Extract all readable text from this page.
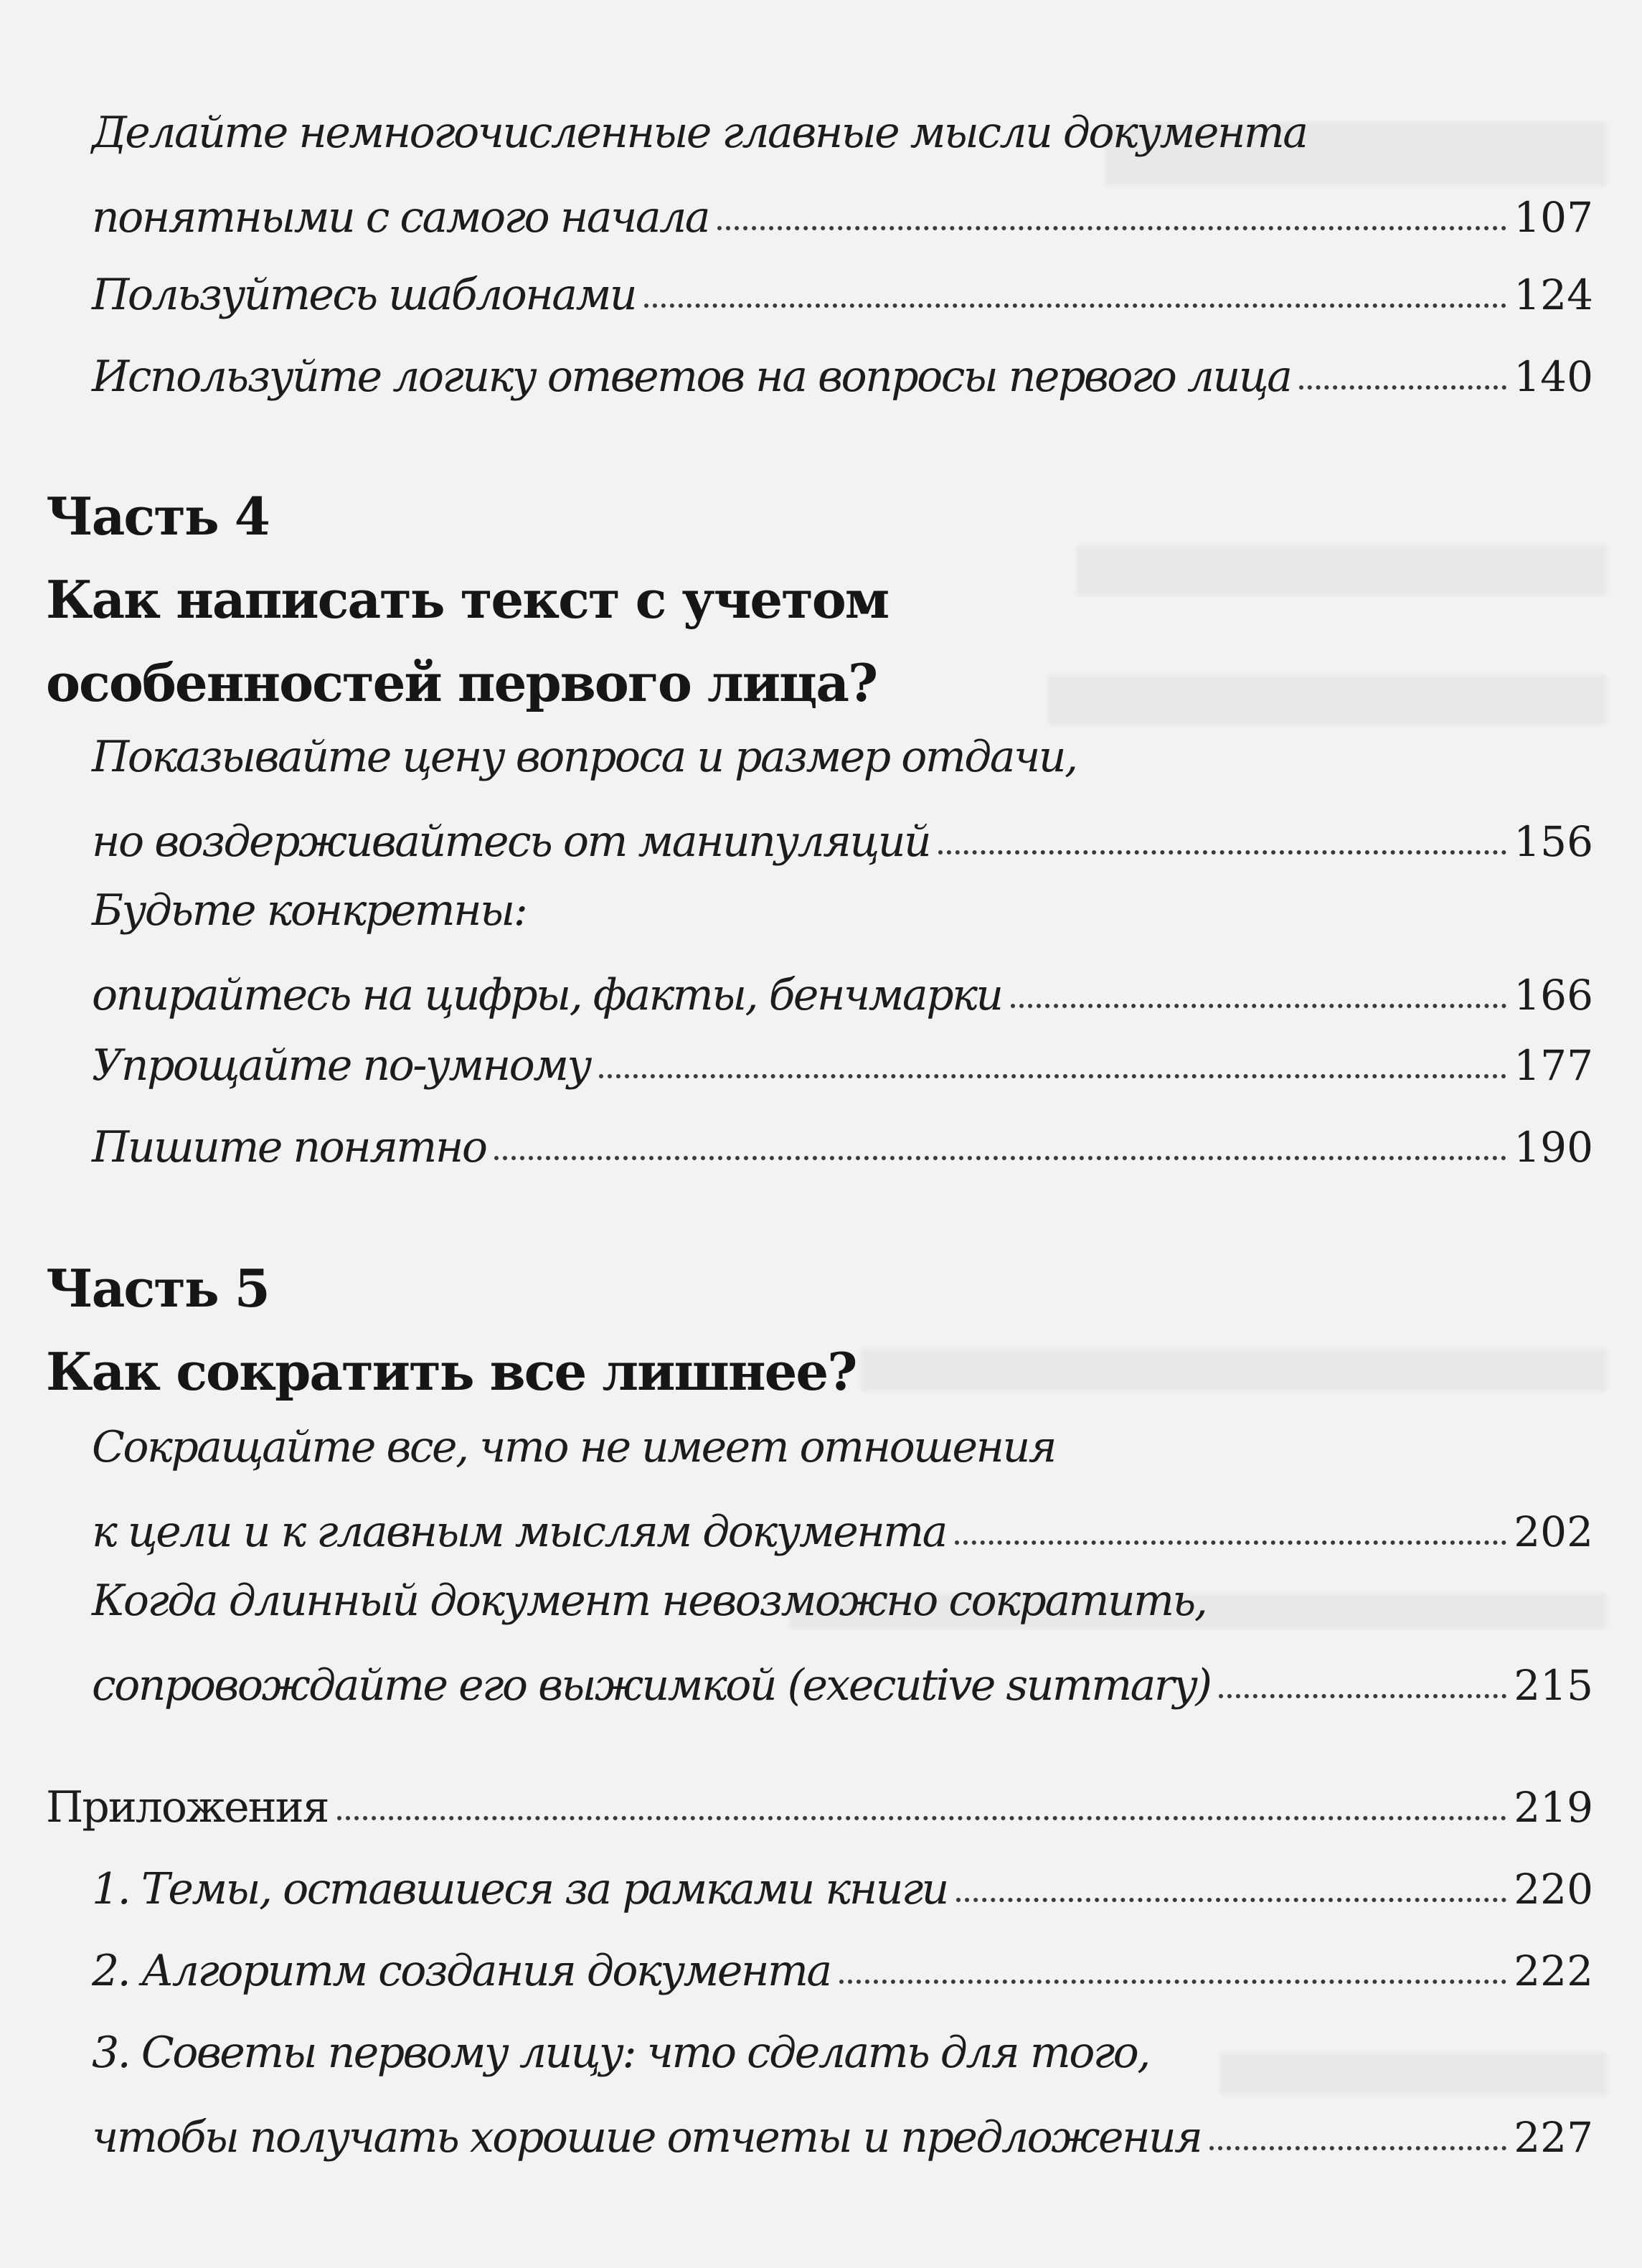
Делайте немногочисленные главные мысли документа
понятными с самого начала	107
Пользуйтесь шаблонами	124
Используйте логику ответов на вопросы первого лица	140
Часть 4
Как написать текст с учетом
особенностей первого лица?
Показывайте цену вопроса и размер отдачи,
но воздерживайтесь от манипуляций	156
Будьте конкретны:
опирайтесь на цифры, факты, бенчмарки	166
Упрощайте по-умному	177
Пишите понятно	190
Часть 5
Как сократить все лишнее?
Сокращайте все, что не имеет отношения
к цели и к главным мыслям документа	202
Когда длинный документ невозможно сократить,
сопровождайте его выжимкой (executive summary)	215
Приложения	219
1. Темы, оставшиеся за рамками книги	220
2. Алгоритм создания документа	222
3. Советы первому лицу: что сделать для того,
чтобы получать хорошие отчеты и предложения	227
